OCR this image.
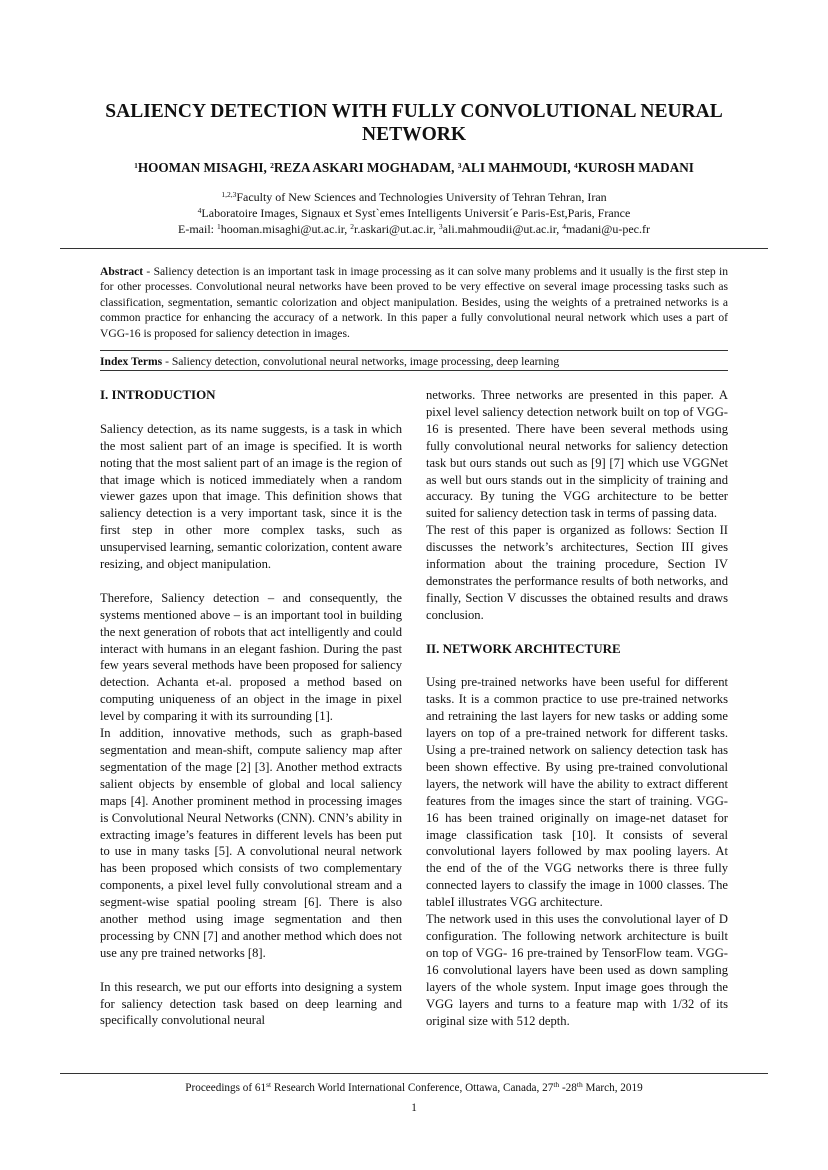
SALIENCY DETECTION WITH FULLY CONVOLUTIONAL NEURAL NETWORK
$^1$HOOMAN MISAGHI, $^2$REZA ASKARI MOGHADAM, $^3$ALI MAHMOUDI, $^4$KUROSH MADANI
$^{1,2,3}$Faculty of New Sciences and Technologies University of Tehran Tehran, Iran
$^4$Laboratoire Images, Signaux et Syst`emes Intelligents Universit´e Paris-Est,Paris, France
E-mail: $^1$hooman.misaghi@ut.ac.ir, $^2$r.askari@ut.ac.ir, $^3$ali.mahmoudii@ut.ac.ir, $^4$madani@u-pec.fr
Abstract - Saliency detection is an important task in image processing as it can solve many problems and it usually is the first step in for other processes. Convolutional neural networks have been proved to be very effective on several image processing tasks such as classification, segmentation, semantic colorization and object manipulation. Besides, using the weights of a pretrained networks is a common practice for enhancing the accuracy of a network. In this paper a fully convolutional neural network which uses a part of VGG-16 is proposed for saliency detection in images.
Index Terms - Saliency detection, convolutional neural networks, image processing, deep learning
I. INTRODUCTION

Saliency detection, as its name suggests, is a task in which the most salient part of an image is specified. It is worth noting that the most salient part of an image is the region of that image which is noticed immediately when a random viewer gazes upon that image. This definition shows that saliency detection is a very important task, since it is the first step in other more complex tasks, such as unsupervised learning, semantic colorization, content aware resizing, and object manipulation.

Therefore, Saliency detection – and consequently, the systems mentioned above – is an important tool in building the next generation of robots that act intelligently and could interact with humans in an elegant fashion. During the past few years several methods have been proposed for saliency detection. Achanta et-al. proposed a method based on computing uniqueness of an object in the image in pixel level by comparing it with its surrounding [1].

In addition, innovative methods, such as graph-based segmentation and mean-shift, compute saliency map after segmentation of the mage [2] [3]. Another method extracts salient objects by ensemble of global and local saliency maps [4]. Another prominent method in processing images is Convolutional Neural Networks (CNN). CNN’s ability in extracting image’s features in different levels has been put to use in many tasks [5]. A convolutional neural network has been proposed which consists of two complementary components, a pixel level fully convolutional stream and a segment-wise spatial pooling stream [6]. There is also another method using image segmentation and then processing by CNN [7] and another method which does not use any pre trained networks [8].

In this research, we put our efforts into designing a system for saliency detection task based on deep learning and specifically convolutional neural

networks. Three networks are presented in this paper. A pixel level saliency detection network built on top of VGG-16 is presented. There have been several methods using fully convolutional neural networks for saliency detection task but ours stands out such as [9] [7] which use VGGNet as well but ours stands out in the simplicity of training and accuracy. By tuning the VGG architecture to be better suited for saliency detection task in terms of passing data.

The rest of this paper is organized as follows: Section II discusses the network’s architectures, Section III gives information about the training procedure, Section IV demonstrates the performance results of both networks, and finally, Section V discusses the obtained results and draws conclusion.

II. NETWORK ARCHITECTURE

Using pre-trained networks have been useful for different tasks. It is a common practice to use pre-trained networks and retraining the last layers for new tasks or adding some layers on top of a pre-trained network for different tasks. Using a pre-trained network on saliency detection task has been shown effective. By using pre-trained convolutional layers, the network will have the ability to extract different features from the images since the start of training. VGG-16 has been trained originally on image-net dataset for image classification task [10]. It consists of several convolutional layers followed by max pooling layers. At the end of the of the VGG networks there is three fully connected layers to classify the image in 1000 classes. The tableI illustrates VGG architecture.

The network used in this uses the convolutional layer of D configuration. The following network architecture is built on top of VGG- 16 pre-trained by TensorFlow team. VGG-16 convolutional layers have been used as down sampling layers of the whole system. Input image goes through the VGG layers and turns to a feature map with 1/32 of its original size with 512 depth.

Proceedings of 61st Research World International Conference, Ottawa, Canada, 27th -28th March, 2019
1
